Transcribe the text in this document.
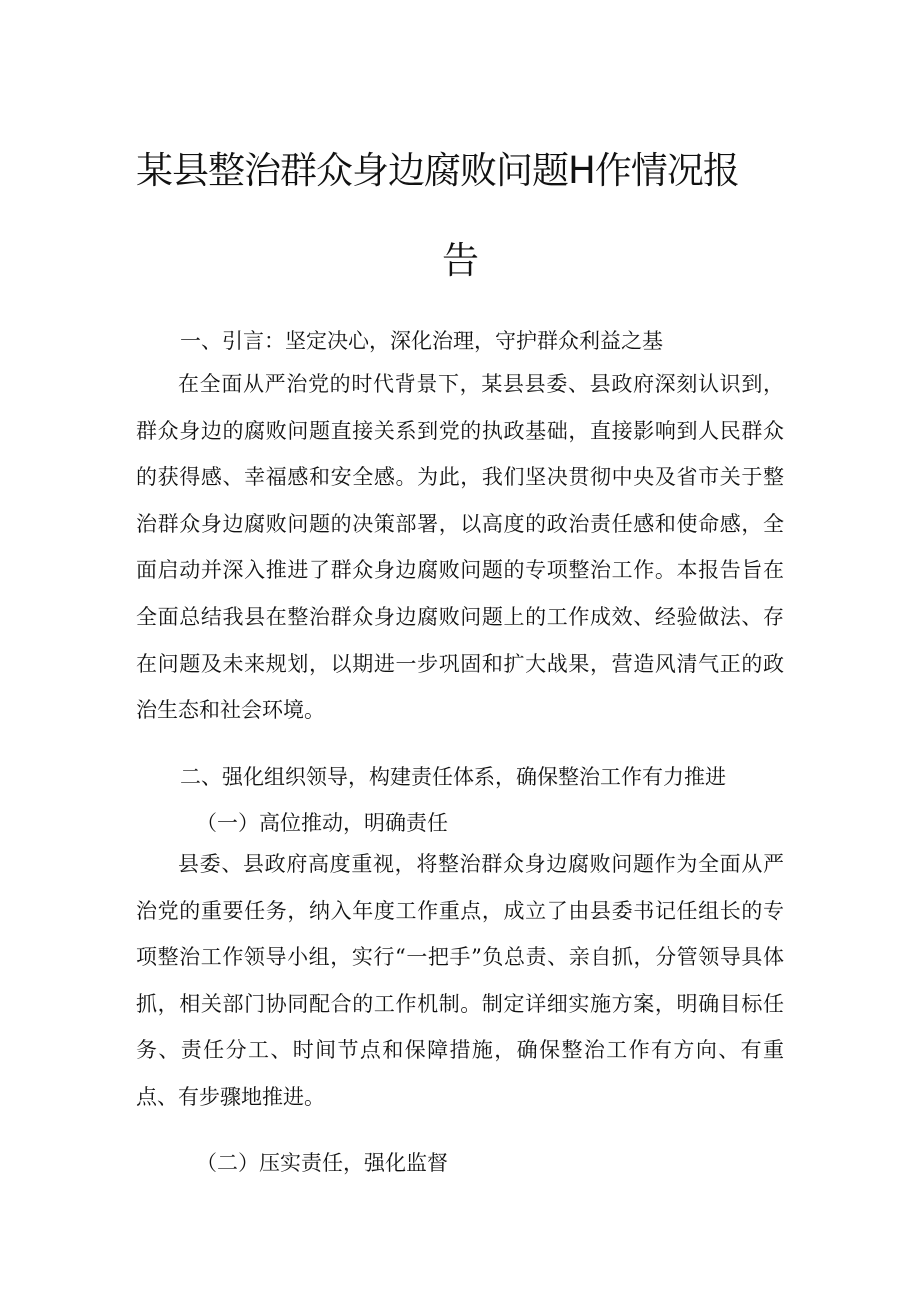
某县整治群众身边腐败问题H作情况报
告

一、引言：坚定决心，深化治理，守护群众利益之基

在全面从严治党的时代背景下，某县县委、县政府深刻认识到，群众身边的腐败问题直接关系到党的执政基础，直接影响到人民群众的获得感、幸福感和安全感。为此，我们坚决贯彻中央及省市关于整治群众身边腐败问题的决策部署，以高度的政治责任感和使命感，全面启动并深入推进了群众身边腐败问题的专项整治工作。本报告旨在全面总结我县在整治群众身边腐败问题上的工作成效、经验做法、存在问题及未来规划，以期进一步巩固和扩大战果，营造风清气正的政治生态和社会环境。

二、强化组织领导，构建责任体系，确保整治工作有力推进

（一）高位推动，明确责任

县委、县政府高度重视，将整治群众身边腐败问题作为全面从严治党的重要任务，纳入年度工作重点，成立了由县委书记任组长的专项整治工作领导小组，实行“一把手”负总责、亲自抓，分管领导具体抓，相关部门协同配合的工作机制。制定详细实施方案，明确目标任务、责任分工、时间节点和保障措施，确保整治工作有方向、有重点、有步骤地推进。

（二）压实责任，强化监督
